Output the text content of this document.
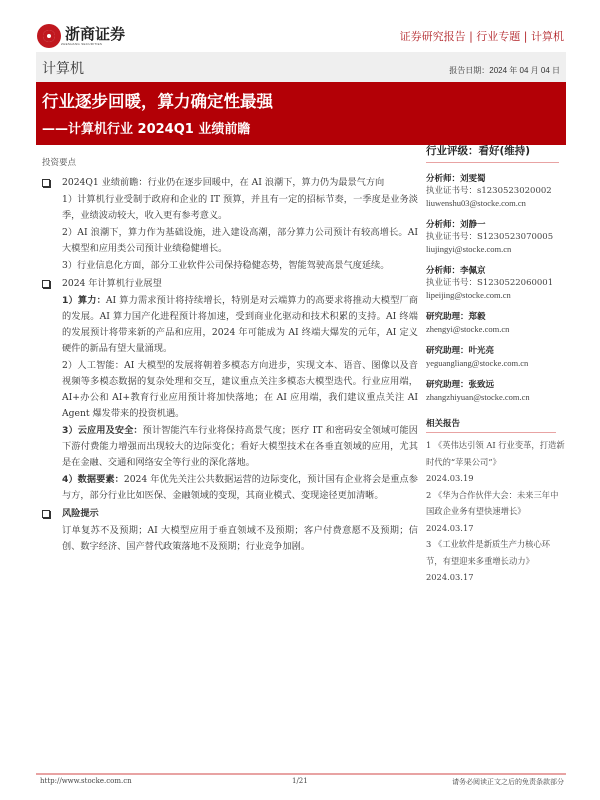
浙商证券
ZHESHANG SECURITIES
证券研究报告 | 行业专题 | 计算机
计算机	报告日期：2024 年 04 月 04 日
行业逐步回暖，算力确定性最强
——计算机行业 2024Q1 业绩前瞻
投资要点

2024Q1 业绩前瞻：行业仍在逐步回暖中，在 AI 浪潮下，算力仍为最景气方向

1）计算机行业受制于政府和企业的 IT 预算，并且有一定的招标节奏，一季度是业务淡季，业绩波动较大，收入更有参考意义。

2）AI 浪潮下，算力作为基础设施，进入建设高潮，部分算力公司预计有较高增长。AI 大模型和应用类公司预计业绩稳健增长。

3）行业信息化方面，部分工业软件公司保持稳健态势，智能驾驶高景气度延续。

2024 年计算机行业展望

1）算力：AI 算力需求预计将持续增长，特别是对云端算力的高要求将推动大模型厂商的发展。AI 算力国产化进程预计将加速，受到商业化驱动和技术积累的支持。AI 终端的发展预计将带来新的产品和应用，2024 年可能成为 AI 终端大爆发的元年，AI 定义硬件的新品有望大量涌现。

2）人工智能：AI 大模型的发展将朝着多模态方向进步，实现文本、语音、图像以及音视频等多模态数据的复杂处理和交互，建议重点关注多模态大模型迭代。行业应用端，AI+办公和 AI+教育行业应用预计将加快落地；在 AI 应用端，我们建议重点关注 AI Agent 爆发带来的投资机遇。

3）云应用及安全：预计智能汽车行业将保持高景气度；医疗 IT 和密码安全领域可能因下游付费能力增强而出现较大的边际变化；看好大模型技术在各垂直领域的应用，尤其是在金融、交通和网络安全等行业的深化落地。

4）数据要素：2024 年优先关注公共数据运营的边际变化，预计国有企业将会是重点参与方，部分行业比如医保、金融领域的变现，其商业模式、变现途径更加清晰。

风险提示

订单复苏不及预期；AI 大模型应用于垂直领域不及预期；客户付费意愿不及预期；信创、数字经济、国产替代政策落地不及预期；行业竞争加剧。

行业评级：看好(维持)
分析师：刘雯蜀
执业证书号：s1230523020002
liuwenshu03@stocke.com.cn
分析师：刘静一
执业证书号：S1230523070005
liujingyi@stocke.com.cn
分析师：李佩京
执业证书号：S1230522060001
lipeijing@stocke.com.cn
研究助理：郑毅
zhengyi@stocke.com.cn
研究助理：叶光亮
yeguangliang@stocke.com.cn
研究助理：张致远
zhangzhiyuan@stocke.com.cn
相关报告
1 《英伟达引领 AI 行业变革，打造新时代的“苹果公司”》
2024.03.19
2 《华为合作伙伴大会：未来三年中国政企业务有望快速增长》
2024.03.17
3 《工业软件是新质生产力核心环节，有望迎来多重增长动力》
2024.03.17
http://www.stocke.com.cn	1/21	请务必阅读正文之后的免责条款部分
